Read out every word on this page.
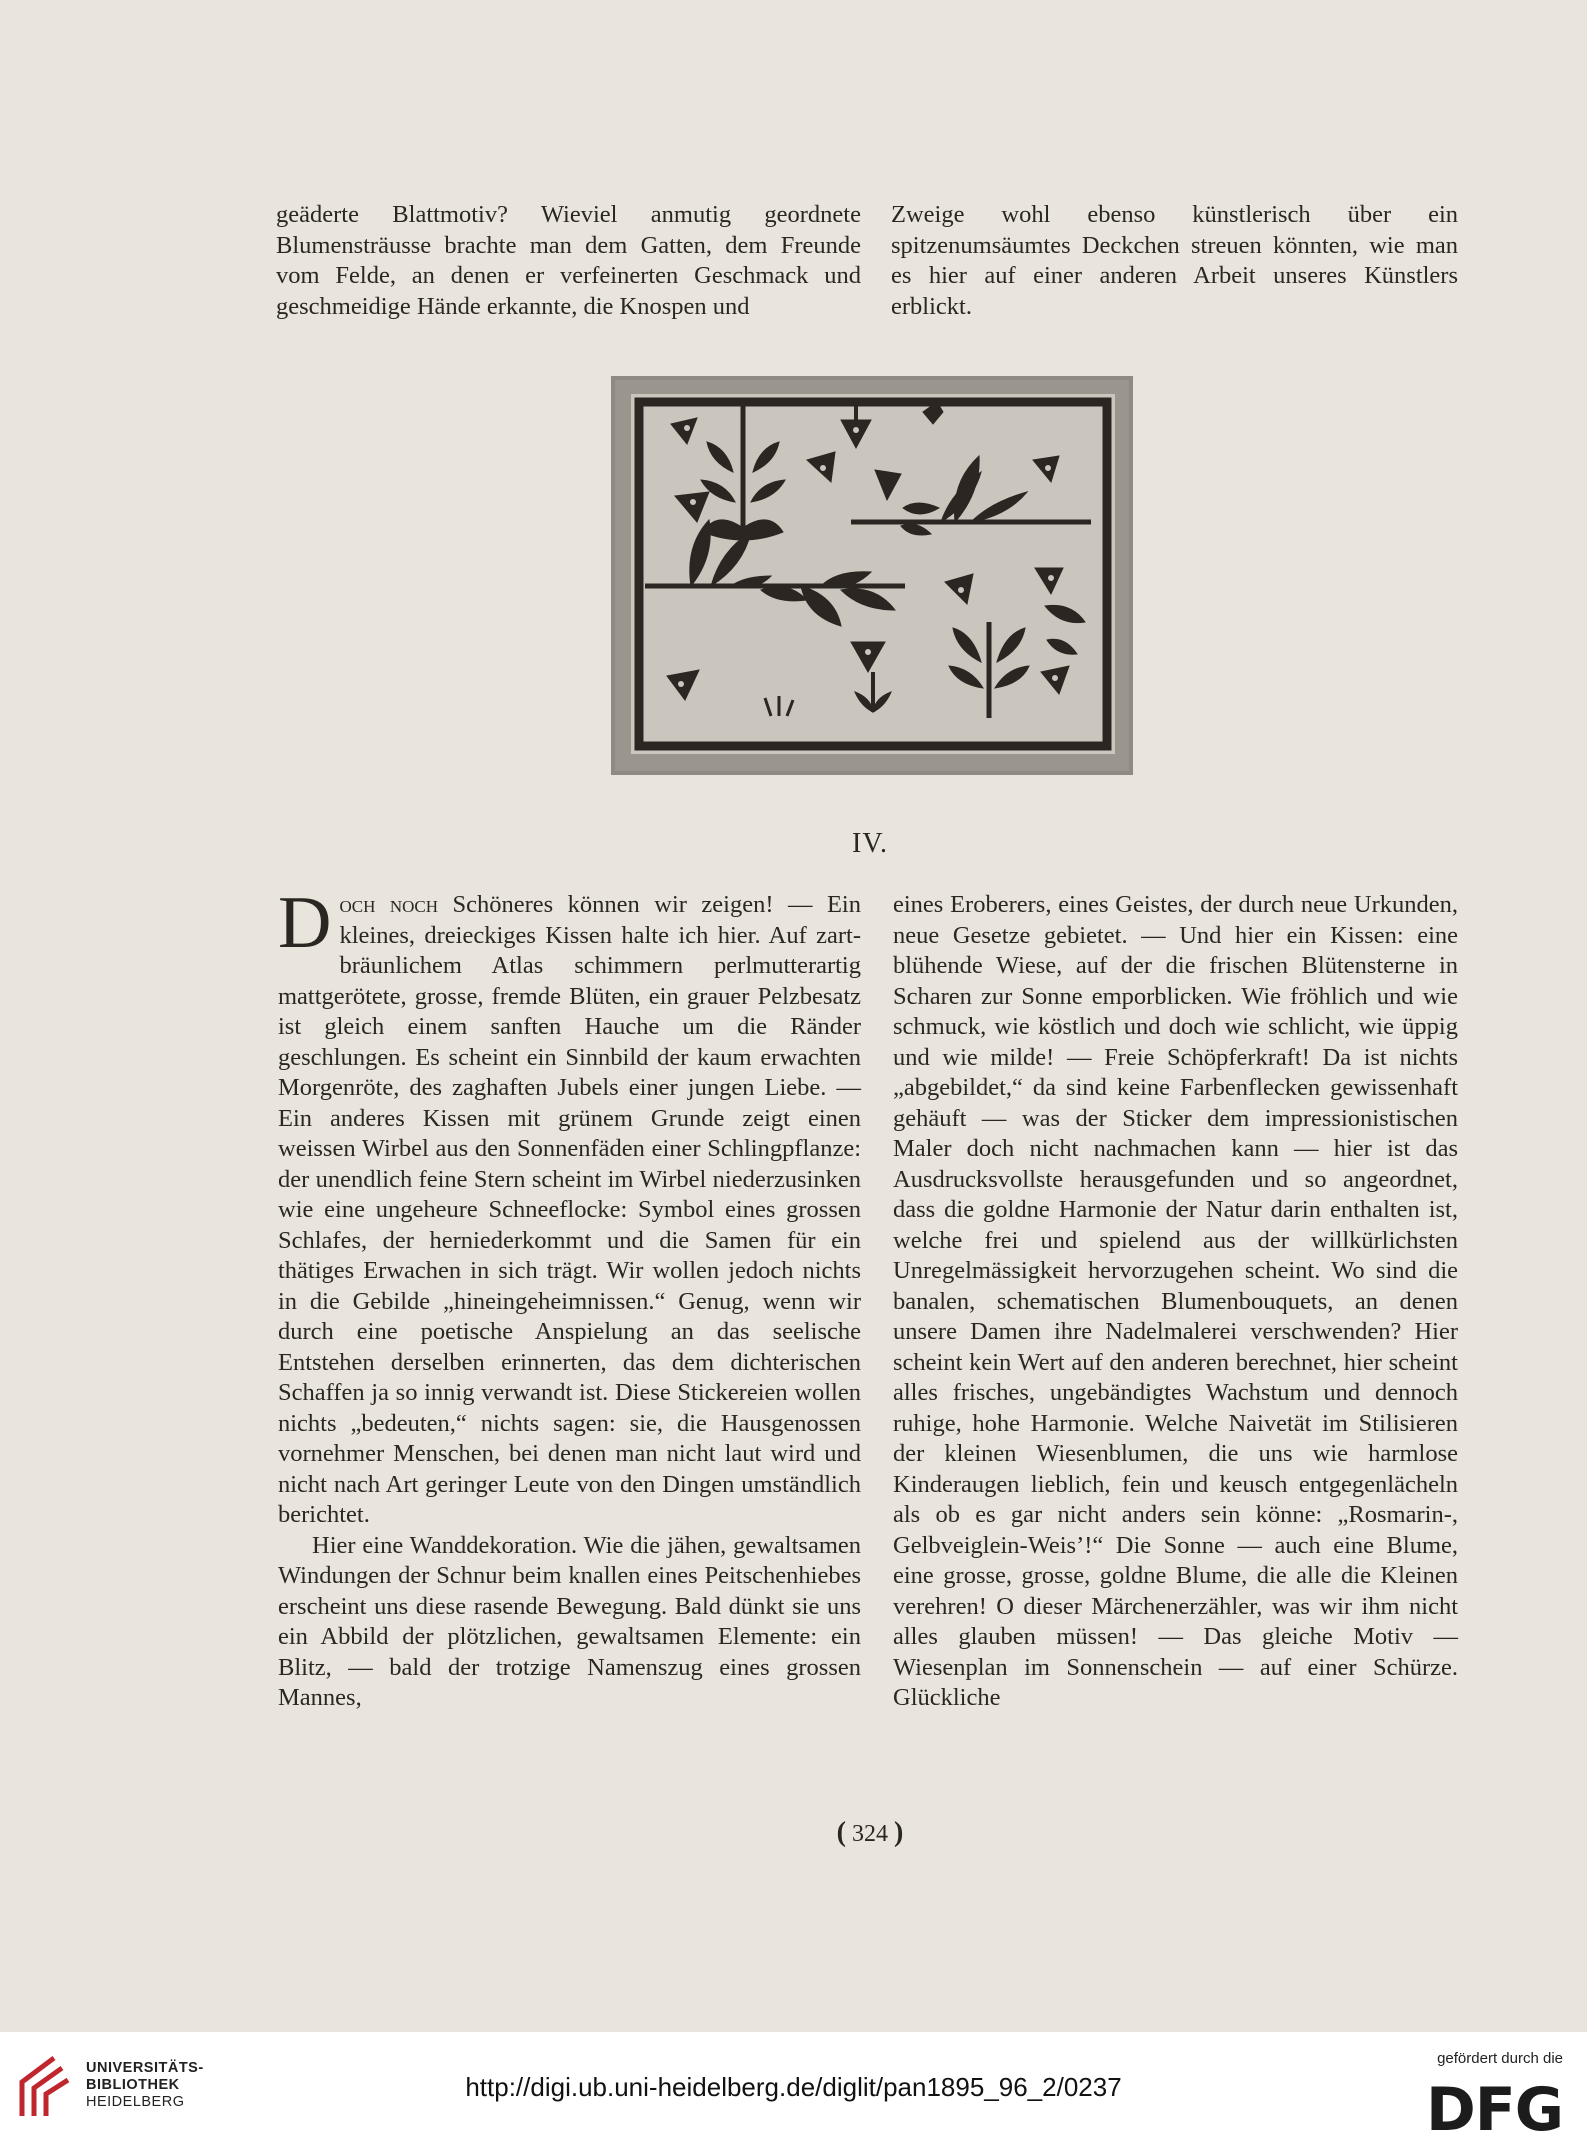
geäderte Blattmotiv? Wieviel anmutig geordnete Blumensträusse brachte man dem Gatten, dem Freunde vom Felde, an denen er verfeinerten Geschmack und geschmeidige Hände erkannte, die Knospen und

Zweige wohl ebenso künstlerisch über ein spitzenumsäumtes Deckchen streuen könnten, wie man es hier auf einer anderen Arbeit unseres Künstlers erblickt.

IV.

Doch noch Schöneres können wir zeigen! — Ein kleines, dreieckiges Kissen halte ich hier. Auf zart-bräunlichem Atlas schimmern perlmutterartig mattgerötete, grosse, fremde Blüten, ein grauer Pelzbesatz ist gleich einem sanften Hauche um die Ränder geschlungen. Es scheint ein Sinnbild der kaum erwachten Morgenröte, des zaghaften Jubels einer jungen Liebe. — Ein anderes Kissen mit grünem Grunde zeigt einen weissen Wirbel aus den Sonnenfäden einer Schlingpflanze: der unendlich feine Stern scheint im Wirbel niederzusinken wie eine ungeheure Schneeflocke: Symbol eines grossen Schlafes, der herniederkommt und die Samen für ein thätiges Erwachen in sich trägt. Wir wollen jedoch nichts in die Gebilde „hineingeheimnissen.“ Genug, wenn wir durch eine poetische Anspielung an das seelische Entstehen derselben erinnerten, das dem dichterischen Schaffen ja so innig verwandt ist. Diese Stickereien wollen nichts „bedeuten,“ nichts sagen: sie, die Hausgenossen vornehmer Menschen, bei denen man nicht laut wird und nicht nach Art geringer Leute von den Dingen umständlich berichtet.

Hier eine Wanddekoration. Wie die jähen, gewaltsamen Windungen der Schnur beim knallen eines Peitschenhiebes erscheint uns diese rasende Bewegung. Bald dünkt sie uns ein Abbild der plötzlichen, gewaltsamen Elemente: ein Blitz, — bald der trotzige Namenszug eines grossen Mannes,

eines Eroberers, eines Geistes, der durch neue Urkunden, neue Gesetze gebietet. — Und hier ein Kissen: eine blühende Wiese, auf der die frischen Blütensterne in Scharen zur Sonne emporblicken. Wie fröhlich und wie schmuck, wie köstlich und doch wie schlicht, wie üppig und wie milde! — Freie Schöpferkraft! Da ist nichts „abgebildet,“ da sind keine Farbenflecken gewissenhaft gehäuft — was der Sticker dem impressionistischen Maler doch nicht nachmachen kann — hier ist das Ausdrucksvollste herausgefunden und so angeordnet, dass die goldne Harmonie der Natur darin enthalten ist, welche frei und spielend aus der willkürlichsten Unregelmässigkeit hervorzugehen scheint. Wo sind die banalen, schematischen Blumenbouquets, an denen unsere Damen ihre Nadelmalerei verschwenden? Hier scheint kein Wert auf den anderen berechnet, hier scheint alles frisches, ungebändigtes Wachstum und dennoch ruhige, hohe Harmonie. Welche Naivetät im Stilisieren der kleinen Wiesenblumen, die uns wie harmlose Kinderaugen lieblich, fein und keusch entgegenlächeln als ob es gar nicht anders sein könne: „Rosmarin-, Gelbveiglein-Weis’!“ Die Sonne — auch eine Blume, eine grosse, grosse, goldne Blume, die alle die Kleinen verehren! O dieser Märchenerzähler, was wir ihm nicht alles glauben müssen! — Das gleiche Motiv — Wiesenplan im Sonnenschein — auf einer Schürze. Glückliche

( 324 )
UNIVERSITÄTS-
BIBLIOTHEK
HEIDELBERG	http://digi.ub.uni-heidelberg.de/diglit/pan1895_96_2/0237
gefördert durch die
DFG
